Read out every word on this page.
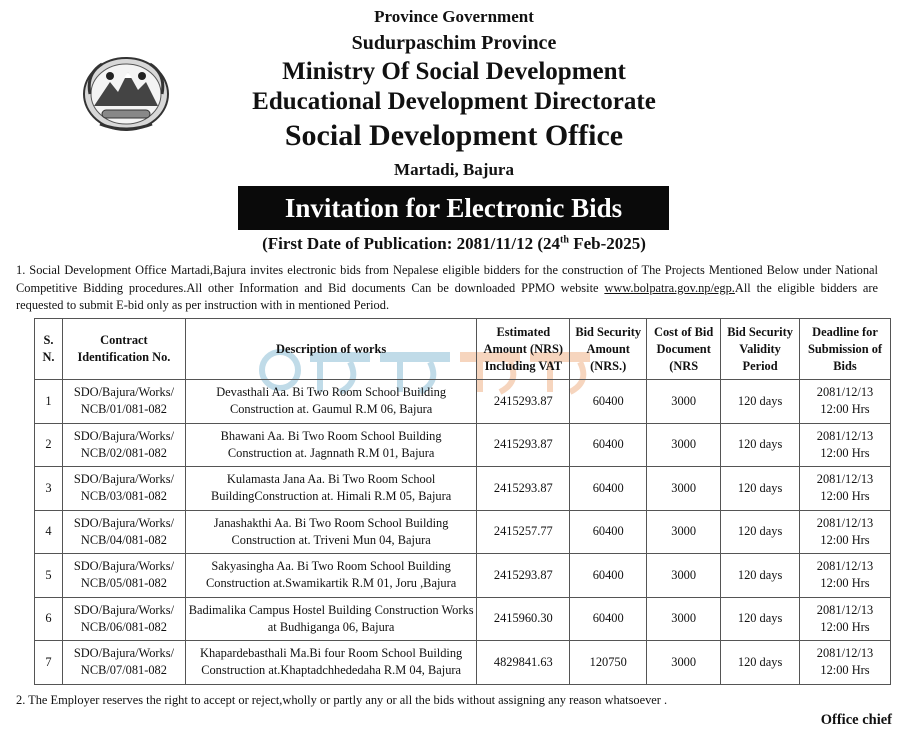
Province Government
Sudurpaschim Province
Ministry Of Social Development
Educational Development Directorate
Social Development Office
Martadi, Bajura
Invitation for Electronic Bids
(First Date of Publication: 2081/11/12 (24th Feb-2025)
1. Social Development Office Martadi,Bajura invites electronic bids from Nepalese eligible bidders for the construction of The Projects Mentioned Below under National Competitive Bidding procedures.All other Information and Bid documents Can be downloaded PPMO website www.bolpatra.gov.np/egp.All the eligible bidders are requested to submit E-bid only as per instruction with in mentioned Period.
S. N.	Contract Identification No.	Description of works	Estimated Amount (NRS) Including VAT	Bid Security Amount (NRS.)	Cost of Bid Document (NRS	Bid Security Validity Period	Deadline for Submission of Bids
1	SDO/Bajura/Works/ NCB/01/081-082	Devasthali Aa. Bi Two Room School Building Construction at. Gaumul R.M 06, Bajura	2415293.87	60400	3000	120 days	2081/12/13 12:00 Hrs
2	SDO/Bajura/Works/ NCB/02/081-082	Bhawani Aa. Bi Two Room School Building Construction at. Jagnnath R.M 01, Bajura	2415293.87	60400	3000	120 days	2081/12/13 12:00 Hrs
3	SDO/Bajura/Works/ NCB/03/081-082	Kulamasta Jana Aa. Bi Two Room School BuildingConstruction at. Himali R.M 05, Bajura	2415293.87	60400	3000	120 days	2081/12/13 12:00 Hrs
4	SDO/Bajura/Works/ NCB/04/081-082	Janashakthi Aa. Bi Two Room School Building Construction at. Triveni Mun 04, Bajura	2415257.77	60400	3000	120 days	2081/12/13 12:00 Hrs
5	SDO/Bajura/Works/ NCB/05/081-082	Sakyasingha Aa. Bi Two Room School Building Construction at.Swamikartik R.M 01, Joru ,Bajura	2415293.87	60400	3000	120 days	2081/12/13 12:00 Hrs
6	SDO/Bajura/Works/ NCB/06/081-082	Badimalika Campus Hostel Building Construction Works at Budhiganga 06, Bajura	2415960.30	60400	3000	120 days	2081/12/13 12:00 Hrs
7	SDO/Bajura/Works/ NCB/07/081-082	Khapardebasthali Ma.Bi four Room School Building Construction at.Khaptadchhededaha R.M 04, Bajura	4829841.63	120750	3000	120 days	2081/12/13 12:00 Hrs
2. The Employer reserves the right to accept or reject,wholly or partly any or all the bids without assigning any reason whatsoever .
Office chief
